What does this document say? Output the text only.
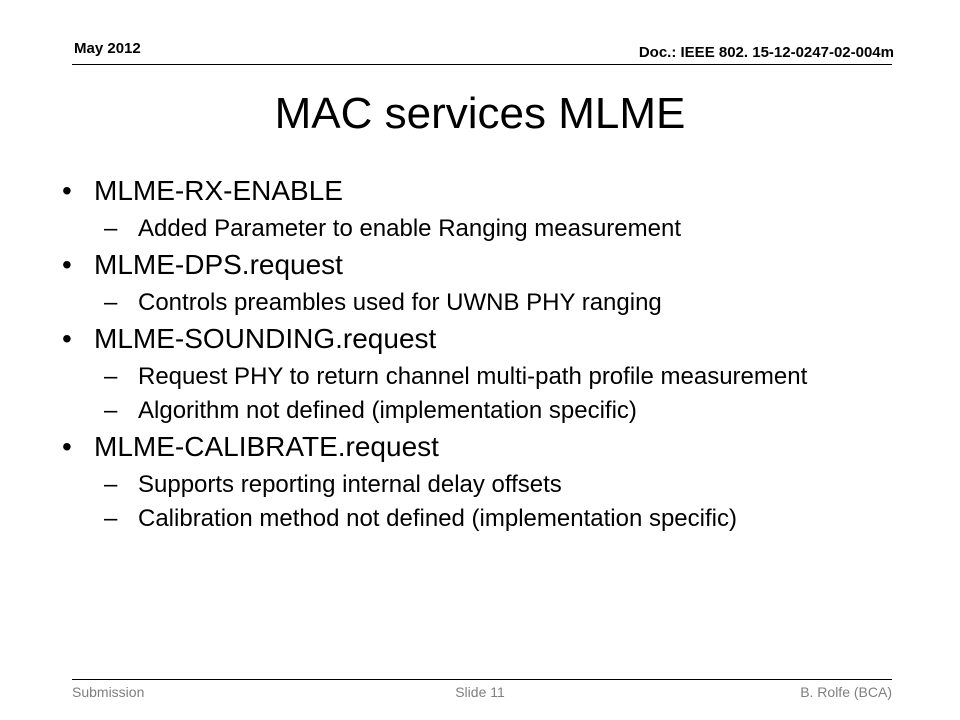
May 2012	Doc.: IEEE 802. 15-12-0247-02-004m
MAC services MLME
• MLME-RX-ENABLE
– Added Parameter to enable Ranging measurement
• MLME-DPS.request
– Controls preambles used for UWNB PHY ranging
• MLME-SOUNDING.request
– Request PHY to return channel multi-path profile measurement
– Algorithm not defined (implementation specific)
• MLME-CALIBRATE.request
– Supports reporting internal delay offsets
– Calibration method not defined (implementation specific)
Submission	Slide 11	B. Rolfe (BCA)
